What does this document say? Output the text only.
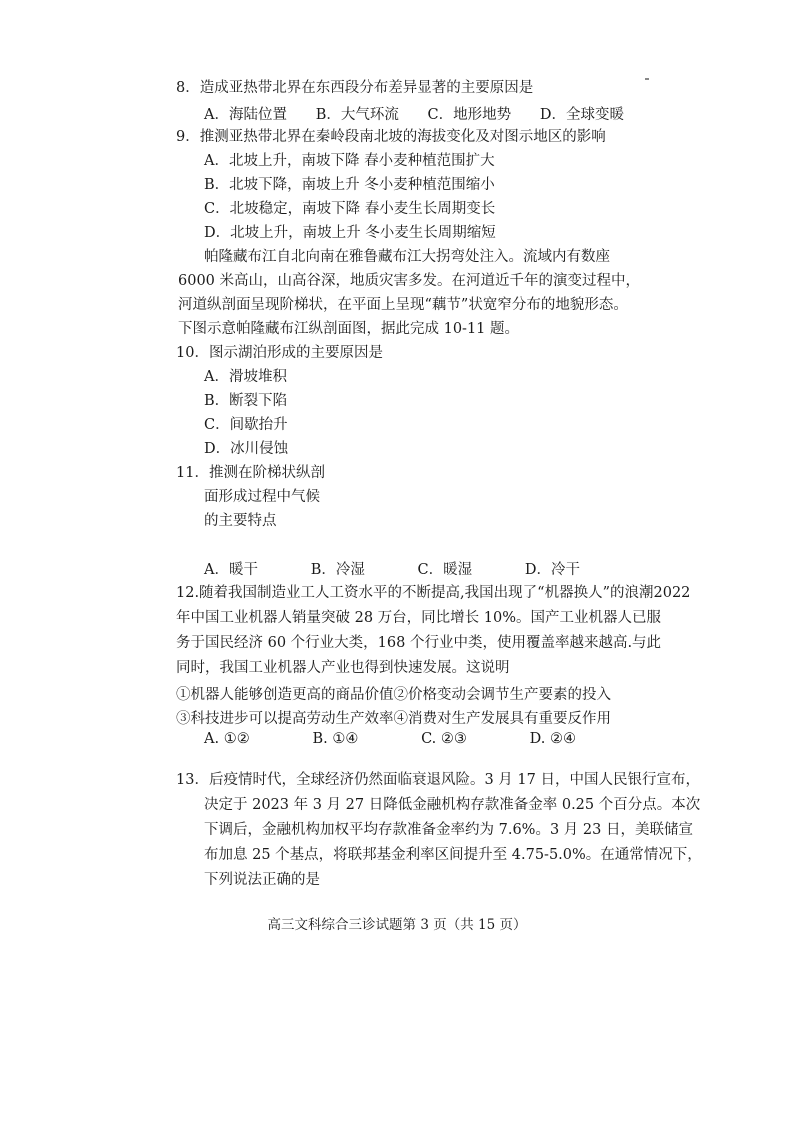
8．造成亚热带北界在东西段分布差异显著的主要原因是
A．海陆位置 B．大气环流 C．地形地势 D．全球变暖
9．推测亚热带北界在秦岭段南北坡的海拔变化及对图示地区的影响
A．北坡上升，南坡下降 春小麦种植范围扩大
B．北坡下降，南坡上升 冬小麦种植范围缩小
C．北坡稳定，南坡下降 春小麦生长周期变长
D．北坡上升，南坡上升 冬小麦生长周期缩短
帕隆藏布江自北向南在雅鲁藏布江大拐弯处注入。流域内有数座
6000 米高山，山高谷深，地质灾害多发。在河道近千年的演变过程中，
河道纵剖面呈现阶梯状，在平面上呈现“藕节”状宽窄分布的地貌形态。
下图示意帕隆藏布江纵剖面图，据此完成 10-11 题。
10．图示湖泊形成的主要原因是
A．滑坡堆积
B．断裂下陷
C．间歇抬升
D．冰川侵蚀
11．推测在阶梯状纵剖
面形成过程中气候
的主要特点
A．暖干	B．冷湿	C．暖湿	D．冷干
12.随着我国制造业工人工资水平的不断提高,我国出现了“机器换人”的浪潮2022
年中国工业机器人销量突破 28 万台，同比增长 10%。国产工业机器人已服
务于国民经济 60 个行业大类，168 个行业中类，使用覆盖率越来越高.与此
同时，我国工业机器人产业也得到快速发展。这说明
①机器人能够创造更高的商品价值 ②价格变动会调节生产要素的投入
③科技进步可以提高劳动生产效率 ④消费对生产发展具有重要反作用
A. ①②	B. ①④	C. ②③	D. ②④
13．后疫情时代，全球经济仍然面临衰退风险。3 月 17 日，中国人民银行宣布，
决定于 2023 年 3 月 27 日降低金融机构存款准备金率 0.25 个百分点。本次
下调后，金融机构加权平均存款准备金率约为 7.6%。3 月 23 日，美联储宣
布加息 25 个基点，将联邦基金利率区间提升至 4.75-5.0%。在通常情况下，
下列说法正确的是
高三文科综合三诊试题第 3 页（共 15 页）
